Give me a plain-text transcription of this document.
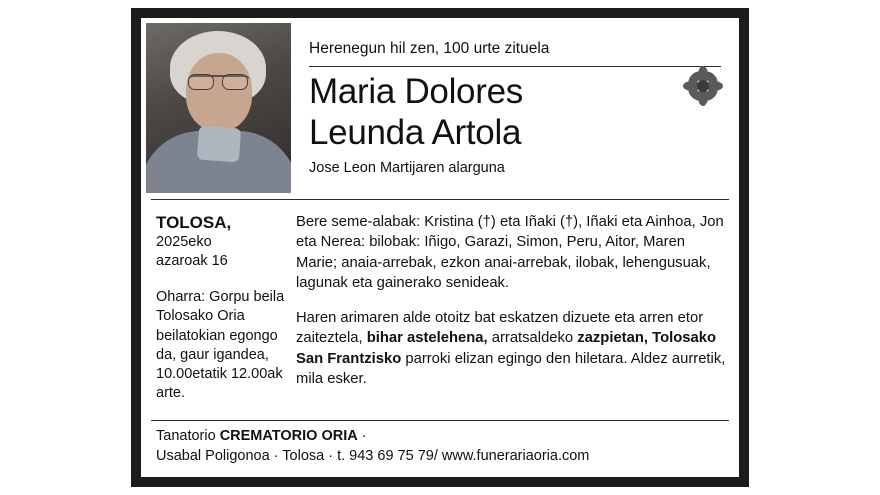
Herenegun hil zen, 100 urte zituela
Maria Dolores
Leunda Artola
Jose Leon Martijaren alarguna
TOLOSA,
2025eko
azaroak 16
Oharra: Gorpu beila Tolosako Oria beilatokian egongo da, gaur igandea, 10.00etatik 12.00ak arte.

Bere seme-alabak: Kristina (†) eta Iñaki (†), Iñaki eta Ainhoa, Jon eta Nerea: bilobak: Iñigo, Garazi, Simon, Peru, Aitor, Maren Marie; anaia-arrebak, ezkon anai-arrebak, ilobak, lehengusuak, lagunak eta gainerako senideak.

Haren arimaren alde otoitz bat eskatzen dizuete eta arren etor zaiteztela, bihar astelehena, arratsaldeko zazpietan, Tolosako San Frantzisko parroki elizan egingo den hiletara. Aldez aurretik, mila esker.

Tanatorio CREMATORIO ORIA ·
Usabal Poligonoa · Tolosa · t. 943 69 75 79/ www.funerariaoria.com
